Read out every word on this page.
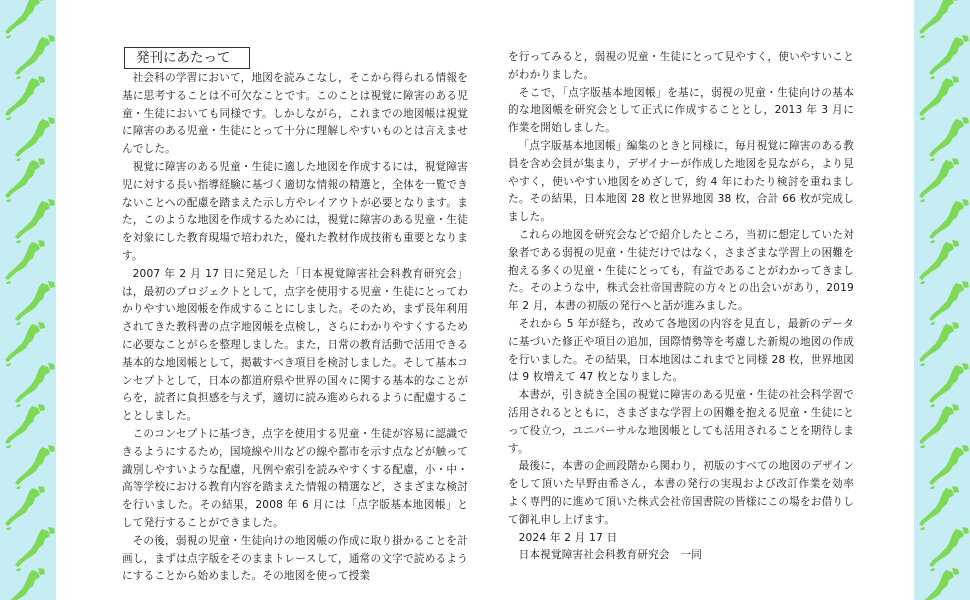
発刊にあたって

社会科の学習において，地図を読みこなし，そこから得られる情報を基に思考することは不可欠なことです。このことは視覚に障害のある児童・生徒においても同様です。しかしながら，これまでの地図帳は視覚に障害のある児童・生徒にとって十分に理解しやすいものとは言えませんでした。

視覚に障害のある児童・生徒に適した地図を作成するには，視覚障害児に対する長い指導経験に基づく適切な情報の精選と，全体を一覧できないことへの配慮を踏まえた示し方やレイアウトが必要となります。また，このような地図を作成するためには，視覚に障害のある児童・生徒を対象にした教育現場で培われた，優れた教材作成技術も重要となります。

2007 年 2 月 17 日に発足した「日本視覚障害社会科教育研究会」は，最初のプロジェクトとして，点字を使用する児童・生徒にとってわかりやすい地図帳を作成することにしました。そのため，まず長年利用されてきた教科書の点字地図帳を点検し，さらにわかりやすくするために必要なことがらを整理しました。また，日常の教育活動で活用できる基本的な地図帳として，掲載すべき項目を検討しました。そして基本コンセプトとして，日本の都道府県や世界の国々に関する基本的なことがらを，読者に負担感を与えず，適切に読み進められるように配慮することとしました。

このコンセプトに基づき，点字を使用する児童・生徒が容易に認識できるようにするため，国境線や川などの線や都市を示す点などが触って識別しやすいような配慮，凡例や索引を読みやすくする配慮，小・中・高等学校における教育内容を踏まえた情報の精選など，さまざまな検討を行いました。その結果，2008 年 6 月には「点字版基本地図帳」として発行することができました。

その後，弱視の児童・生徒向けの地図帳の作成に取り掛かることを計画し，まずは点字版をそのままトレースして，通常の文字で読めるようにすることから始めました。その地図を使って授業

を行ってみると，弱視の児童・生徒にとって見やすく，使いやすいことがわかりました。

そこで，「点字版基本地図帳」を基に，弱視の児童・生徒向けの基本的な地図帳を研究会として正式に作成することとし，2013 年 3 月に作業を開始しました。

「点字版基本地図帳」編集のときと同様に，毎月視覚に障害のある教員を含め会員が集まり，デザイナーが作成した地図を見ながら，より見やすく，使いやすい地図をめざして，約 4 年にわたり検討を重ねました。その結果，日本地図 28 枚と世界地図 38 枚，合計 66 枚が完成しました。

これらの地図を研究会などで紹介したところ，当初に想定していた対象者である弱視の児童・生徒だけではなく，さまざまな学習上の困難を抱える多くの児童・生徒にとっても，有益であることがわかってきました。そのような中，株式会社帝国書院の方々との出会いがあり，2019 年 2 月，本書の初版の発行へと話が進みました。

それから 5 年が経ち，改めて各地図の内容を見直し，最新のデータに基づいた修正や項目の追加，国際情勢等を考慮した新規の地図の作成を行いました。その結果，日本地図はこれまでと同様 28 枚，世界地図は 9 枚増えて 47 枚となりました。

本書が，引き続き全国の視覚に障害のある児童・生徒の社会科学習で活用されるとともに，さまざまな学習上の困難を抱える児童・生徒にとって役立つ，ユニバーサルな地図帳としても活用されることを期待します。

最後に，本書の企画段階から関わり，初版のすべての地図のデザインをして頂いた早野由希さん，本書の発行の実現および改訂作業を効率よく専門的に進めて頂いた株式会社帝国書院の皆様にこの場をお借りして御礼申し上げます。

2024 年 2 月 17 日

日本視覚障害社会科教育研究会　一同
